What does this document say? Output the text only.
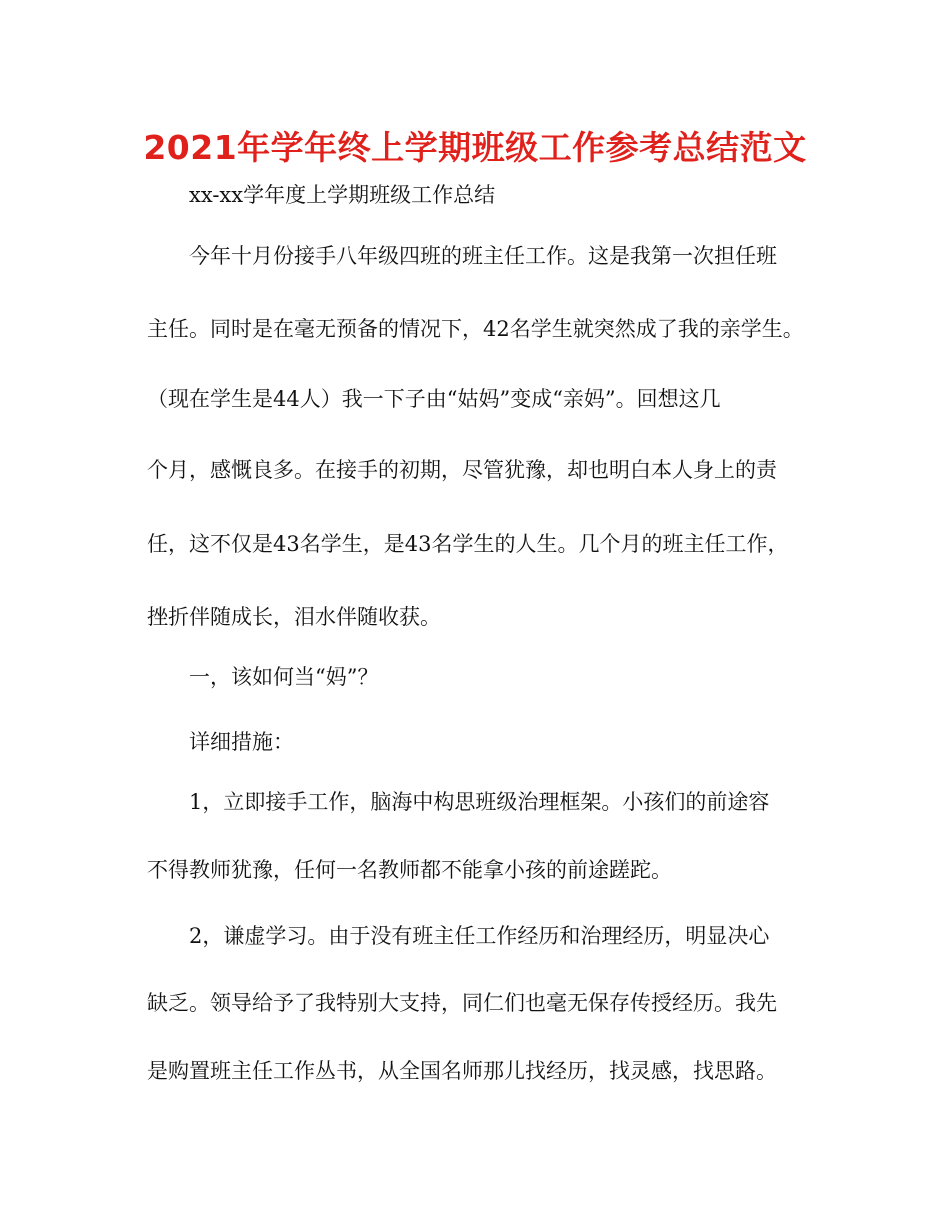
2021年学年终上学期班级工作参考总结范文
xx-xx学年度上学期班级工作总结
今年十月份接手八年级四班的班主任工作。这是我第一次担任班
主任。同时是在毫无预备的情况下，42名学生就突然成了我的亲学生。
（现在学生是44人）我一下子由“姑妈”变成“亲妈”。回想这几
个月，感慨良多。在接手的初期，尽管犹豫，却也明白本人身上的责
任，这不仅是43名学生，是43名学生的人生。几个月的班主任工作，
挫折伴随成长，泪水伴随收获。
一，该如何当“妈”？
详细措施：
1，立即接手工作，脑海中构思班级治理框架。小孩们的前途容
不得教师犹豫，任何一名教师都不能拿小孩的前途蹉跎。
2，谦虚学习。由于没有班主任工作经历和治理经历，明显决心
缺乏。领导给予了我特别大支持，同仁们也毫无保存传授经历。我先
是购置班主任工作丛书，从全国名师那儿找经历，找灵感，找思路。
